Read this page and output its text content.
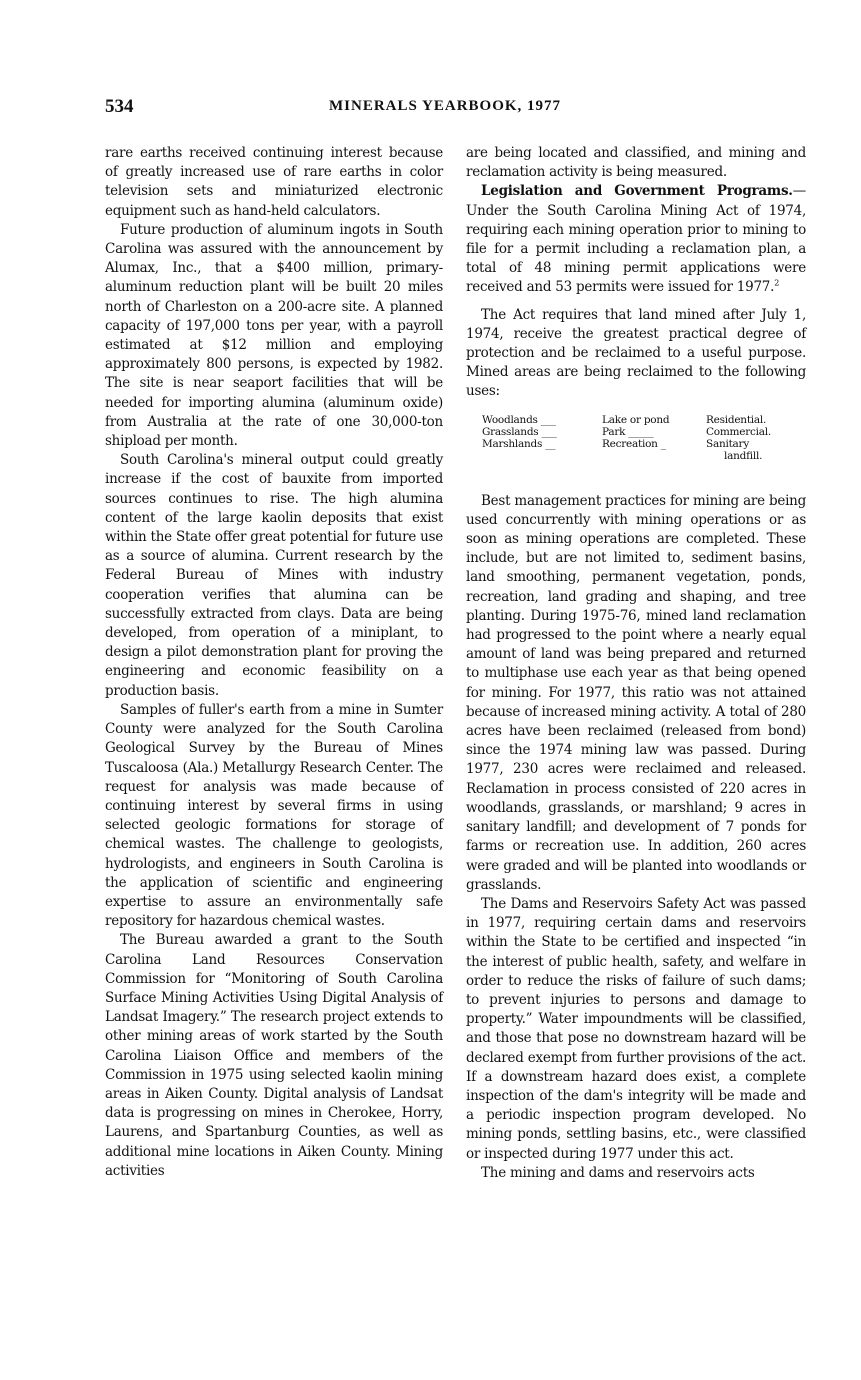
534	MINERALS YEARBOOK, 1977

rare earths received continuing interest because of greatly increased use of rare earths in color television sets and miniaturized electronic equipment such as hand-held calculators.

Future production of aluminum ingots in South Carolina was assured with the announcement by Alumax, Inc., that a $400 million, primary-aluminum reduction plant will be built 20 miles north of Charleston on a 200-acre site. A planned capacity of 197,000 tons per year, with a payroll estimated at $12 million and employing approximately 800 persons, is expected by 1982. The site is near seaport facilities that will be needed for importing alumina (aluminum oxide) from Australia at the rate of one 30,000-ton shipload per month.

South Carolina's mineral output could greatly increase if the cost of bauxite from imported sources continues to rise. The high alumina content of the large kaolin deposits that exist within the State offer great potential for future use as a source of alumina. Current research by the Federal Bureau of Mines with industry cooperation verifies that alumina can be successfully extracted from clays. Data are being developed, from operation of a miniplant, to design a pilot demonstration plant for proving the engineering and economic feasibility on a production basis.

Samples of fuller's earth from a mine in Sumter County were analyzed for the South Carolina Geological Survey by the Bureau of Mines Tuscaloosa (Ala.) Metallurgy Research Center. The request for analysis was made because of continuing interest by several firms in using selected geologic formations for storage of chemical wastes. The challenge to geologists, hydrologists, and engineers in South Carolina is the application of scientific and engineering expertise to assure an environmentally safe repository for hazardous chemical wastes.

The Bureau awarded a grant to the South Carolina Land Resources Conservation Commission for “Monitoring of South Carolina Surface Mining Activities Using Digital Analysis of Landsat Imagery.” The research project extends to other mining areas of work started by the South Carolina Liaison Office and members of the Commission in 1975 using selected kaolin mining areas in Aiken County. Digital analysis of Landsat data is progressing on mines in Cherokee, Horry, Laurens, and Spartanburg Counties, as well as additional mine locations in Aiken County. Mining activities

are being located and classified, and mining and reclamation activity is being measured.

Legislation and Government Programs.—Under the South Carolina Mining Act of 1974, requiring each mining operation prior to mining to file for a permit including a reclamation plan, a total of 48 mining permit applications were received and 53 permits were issued for 1977.$^2$

The Act requires that land mined after July 1, 1974, receive the greatest practical degree of protection and be reclaimed to a useful purpose. Mined areas are being reclaimed to the following uses:

Woodlands ___	Lake or pond	Residential.
Grasslands ___	Park _____	Commercial.
Marshlands __	Recreation _	Sanitary
landfill.

Best management practices for mining are being used concurrently with mining operations or as soon as mining operations are completed. These include, but are not limited to, sediment basins, land smoothing, permanent vegetation, ponds, recreation, land grading and shaping, and tree planting. During 1975-76, mined land reclamation had progressed to the point where a nearly equal amount of land was being prepared and returned to multiphase use each year as that being opened for mining. For 1977, this ratio was not attained because of increased mining activity. A total of 280 acres have been reclaimed (released from bond) since the 1974 mining law was passed. During 1977, 230 acres were reclaimed and released. Reclamation in process consisted of 220 acres in woodlands, grasslands, or marshland; 9 acres in sanitary landfill; and development of 7 ponds for farms or recreation use. In addition, 260 acres were graded and will be planted into woodlands or grasslands.

The Dams and Reservoirs Safety Act was passed in 1977, requiring certain dams and reservoirs within the State to be certified and inspected “in the interest of public health, safety, and welfare in order to reduce the risks of failure of such dams; to prevent injuries to persons and damage to property.” Water impoundments will be classified, and those that pose no downstream hazard will be declared exempt from further provisions of the act. If a downstream hazard does exist, a complete inspection of the dam's integrity will be made and a periodic inspection program developed. No mining ponds, settling basins, etc., were classified or inspected during 1977 under this act.

The mining and dams and reservoirs acts
